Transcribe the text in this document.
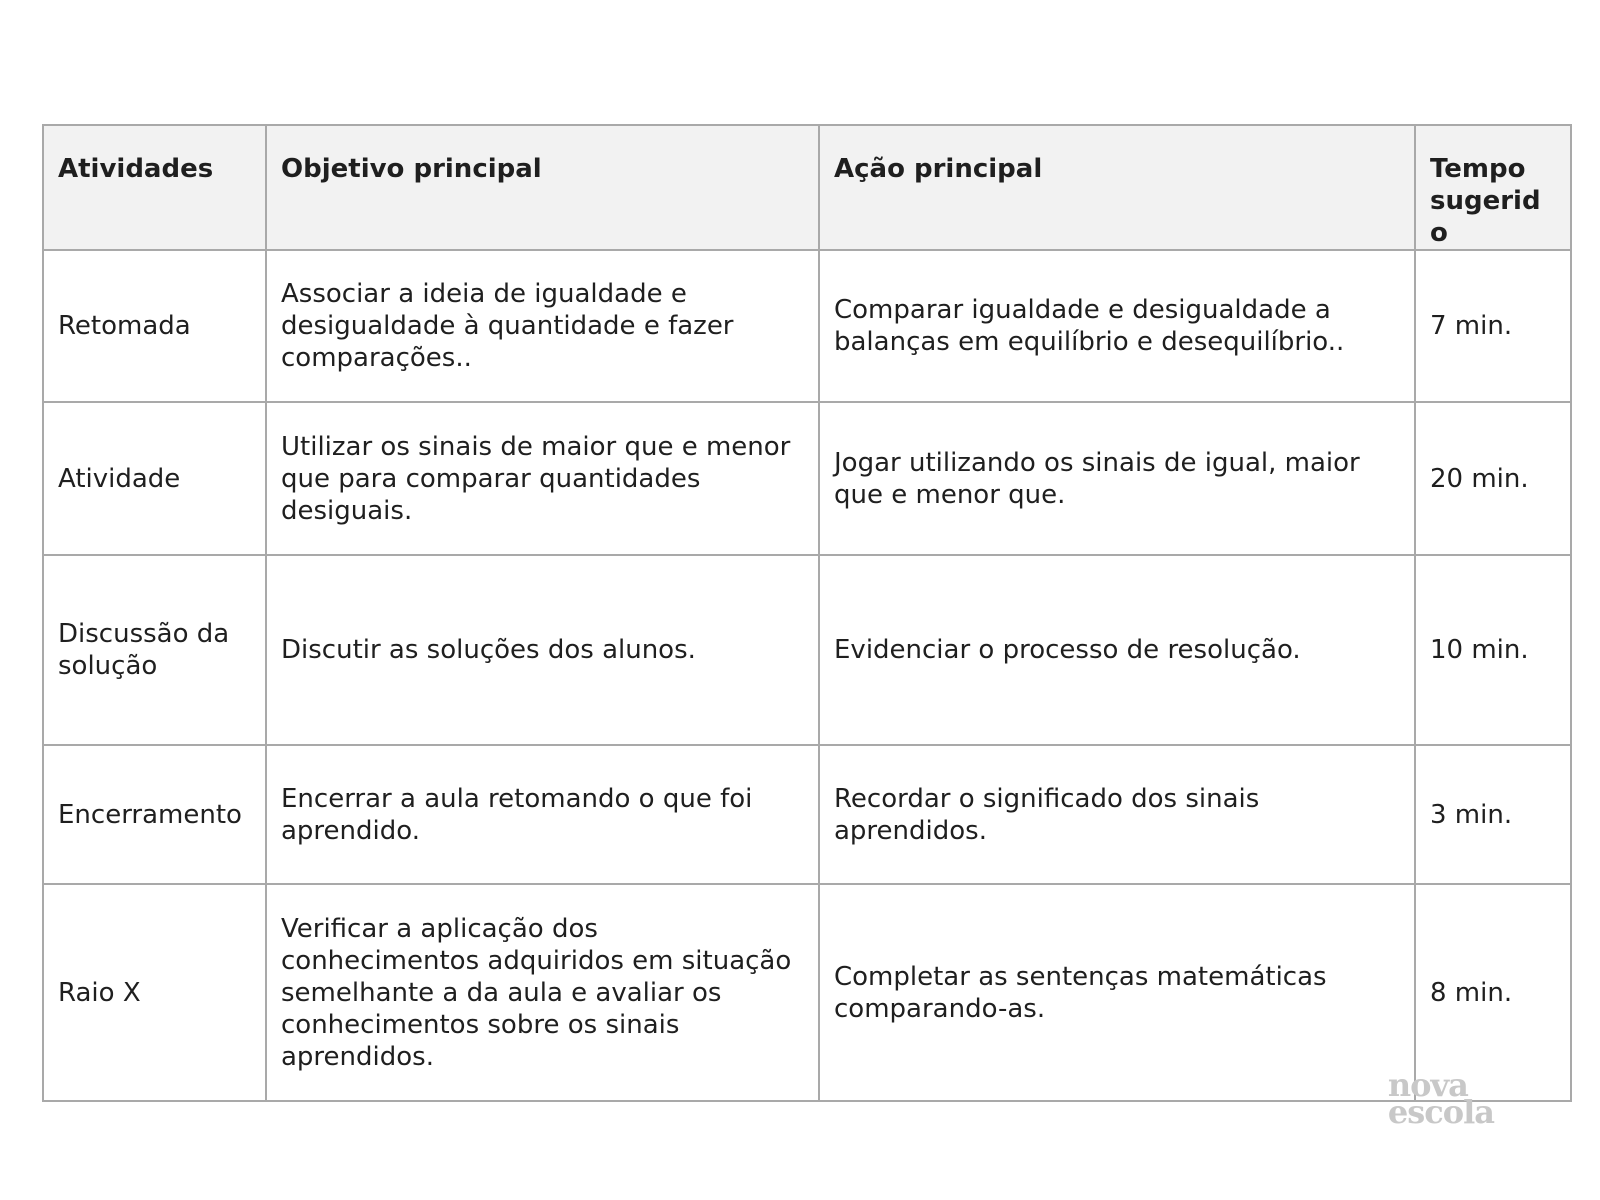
Atividades	Objetivo principal	Ação principal	Tempo sugerido
Retomada	Associar a ideia de igualdade e desigualdade à quantidade e fazer comparações..	Comparar igualdade e desigualdade a balanças em equilíbrio e desequilíbrio..	7 min.
Atividade	Utilizar os sinais de maior que e menor que para comparar quantidades desiguais.	Jogar utilizando os sinais de igual, maior que e menor que.	20 min.
Discussão da solução	Discutir as soluções dos alunos.	Evidenciar o processo de resolução.	10 min.
Encerramento	Encerrar a aula retomando o que foi aprendido.	Recordar o significado dos sinais aprendidos.	3 min.
Raio X	Verificar a aplicação dos conhecimentos adquiridos em situação semelhante a da aula e avaliar os conhecimentos sobre os sinais aprendidos.	Completar as sentenças matemáticas comparando-as.	8 min.
nova
escola
